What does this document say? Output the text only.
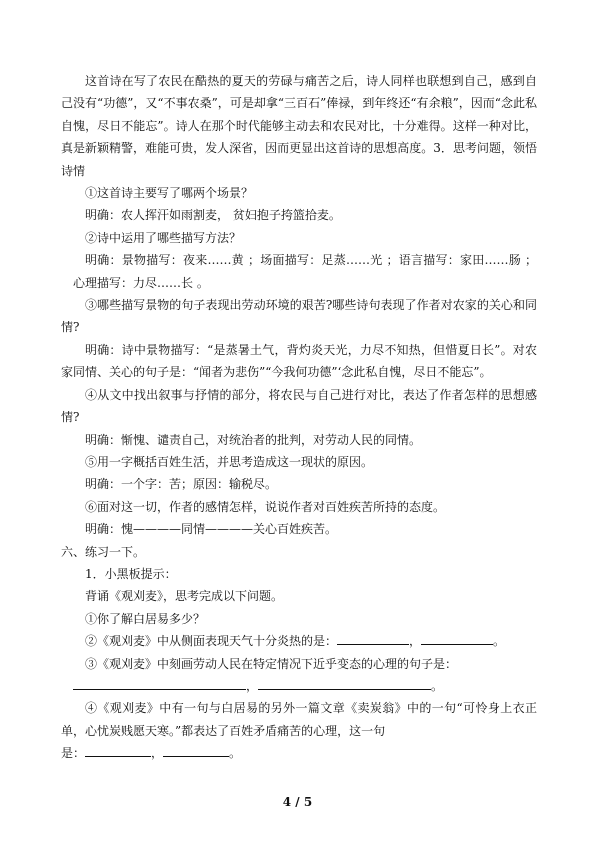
这首诗在写了农民在酷热的夏天的劳碌与痛苦之后，诗人同样也联想到自己，感到自己没有“功德”，又“不事农桑”，可是却拿“三百石”俸禄，到年终还“有余粮”，因而“念此私自愧，尽日不能忘”。诗人在那个时代能够主动去和农民对比，十分难得。这样一种对比，真是新颖精警，难能可贵，发人深省，因而更显出这首诗的思想高度。3．思考问题，领悟诗情

①这首诗主要写了哪两个场景？

明确：农人挥汗如雨割麦， 贫妇抱子挎篮拾麦。

②诗中运用了哪些描写方法？

明确：景物描写：夜来……黄 ；场面描写：足蒸……光 ；语言描写：家田……肠 ；心理描写：力尽……长 。

③哪些描写景物的句子表现出劳动环境的艰苦?哪些诗句表现了作者对农家的关心和同情?

明确：诗中景物描写：“是蒸暑土气，背灼炎天光，力尽不知热，但惜夏日长”。对农家同情、关心的句子是：“闻者为悲伤”“今我何功德”‘念此私自愧，尽日不能忘”。

④从文中找出叙事与抒情的部分，将农民与自己进行对比，表达了作者怎样的思想感情?

明确：惭愧、谴责自己，对统治者的批判，对劳动人民的同情。

⑤用一字概括百姓生活，并思考造成这一现状的原因。

明确：一个字：苦；原因：输税尽。

⑥面对这一切，作者的感情怎样，说说作者对百姓疾苦所持的态度。

明确：愧————同情————关心百姓疾苦。

六、练习一下。

1．小黑板提示：

背诵《观刈麦》，思考完成以下问题。

①你了解白居易多少？

②《观刈麦》中从侧面表现天气十分炎热的是：	，	。

③《观刈麦》中刻画劳动人民在特定情况下近乎变态的心理的句子是：

，	。

④《观刈麦》中有一句与白居易的另外一篇文章《卖炭翁》中的一句“可怜身上衣正单，心忧炭贱愿天寒。”都表达了百姓矛盾痛苦的心理，这一句

是：	，	。

4 / 5
